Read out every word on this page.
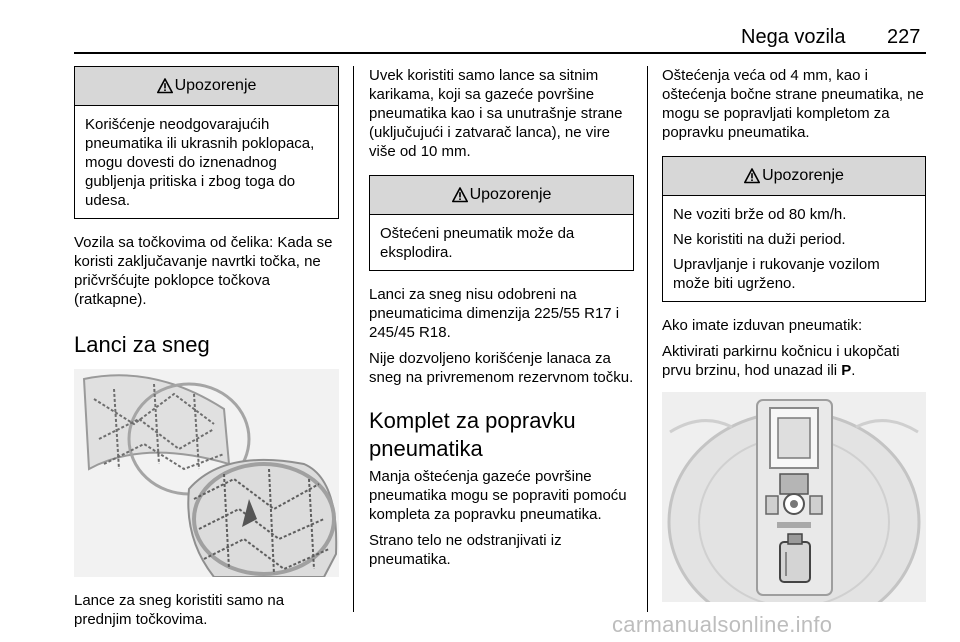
Nega vozila 227
Upozorenje

Korišćenje neodgovarajućih pneumatika ili ukrasnih poklopaca, mogu dovesti do iznenadnog gubljenja pritiska i zbog toga do udesa.

Vozila sa točkovima od čelika: Kada se koristi zaključavanje navrtki točka, ne pričvršćujte poklopce točkova (ratkapne).

Lanci za sneg

Lance za sneg koristiti samo na prednjim točkovima.

Uvek koristiti samo lance sa sitnim karikama, koji sa gazeće površine pneumatika kao i sa unutrašnje strane (uključujući i zatvarač lanca), ne vire više od 10 mm.

Upozorenje

Oštećeni pneumatik može da eksplodira.

Lanci za sneg nisu odobreni na pneumaticima dimenzija 225/55 R17 i 245/45 R18.

Nije dozvoljeno korišćenje lanaca za sneg na privremenom rezervnom točku.

Komplet za popravku pneumatika

Manja oštećenja gazeće površine pneumatika mogu se popraviti pomoću kompleta za popravku pneumatika.

Strano telo ne odstranjivati iz pneumatika.

Oštećenja veća od 4 mm, kao i oštećenja bočne strane pneumatika, ne mogu se popravljati kompletom za popravku pneumatika.

Upozorenje

Ne voziti brže od 80 km/h.

Ne koristiti na duži period.

Upravljanje i rukovanje vozilom može biti ugrženo.

Ako imate izduvan pneumatik:

Aktivirati parkirnu kočnicu i ukopčati prvu brzinu, hod unazad ili P.

carmanualsonline.info
